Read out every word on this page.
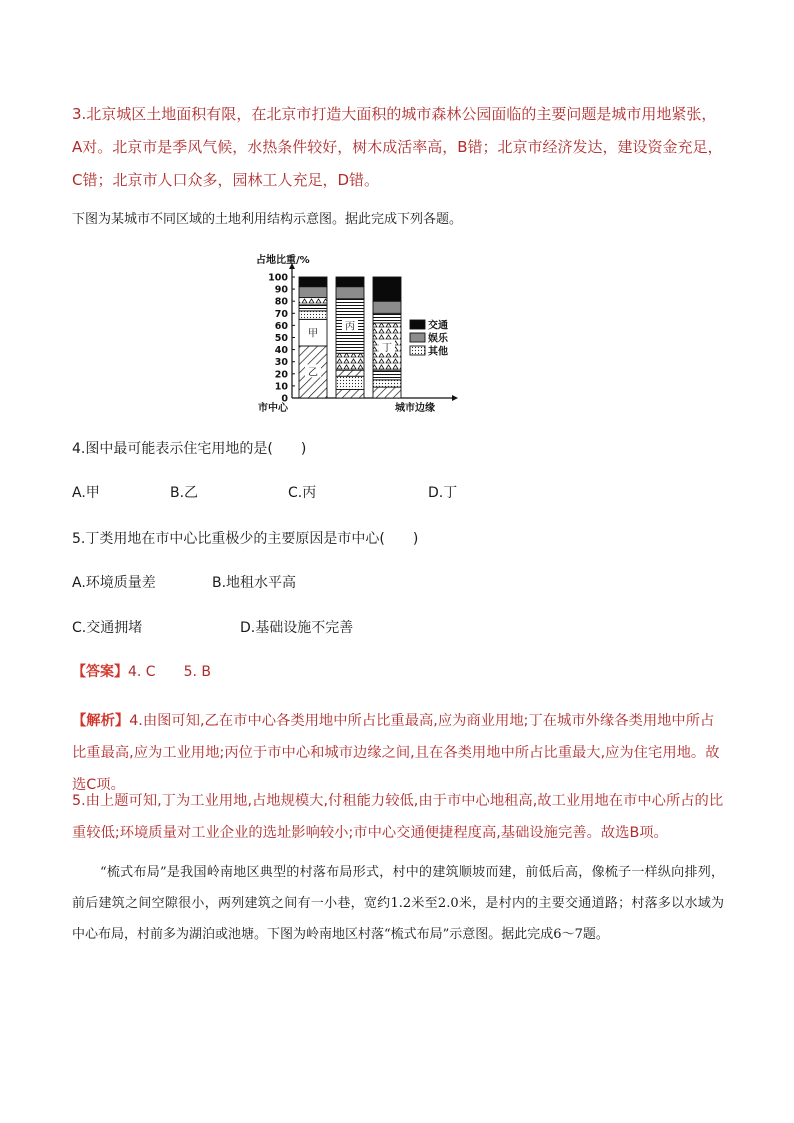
3.北京城区土地面积有限，在北京市打造大面积的城市森林公园面临的主要问题是城市用地紧张，A对。北京市是季风气候，水热条件较好，树木成活率高，B错；北京市经济发达，建设资金充足，C错；北京市人口众多，园林工人充足，D错。

下图为某城市不同区域的土地利用结构示意图。据此完成下列各题。

占地比重/%
0
10
20
30
40
50
60
70
80
90
100
市中心	城市边缘
甲
乙
丙
丁
交通
娱乐
其他
4.图中最可能表示住宅用地的是(　　)
A.甲	B.乙	C.丙	D.丁
5.丁类用地在市中心比重极少的主要原因是市中心(　　)
A.环境质量差	B.地租水平高
C.交通拥堵	D.基础设施不完善
【答案】4. C　　5. B

【解析】4.由图可知,乙在市中心各类用地中所占比重最高,应为商业用地;丁在城市外缘各类用地中所占比重最高,应为工业用地;丙位于市中心和城市边缘之间,且在各类用地中所占比重最大,应为住宅用地。故选C项。

5.由上题可知,丁为工业用地,占地规模大,付租能力较低,由于市中心地租高,故工业用地在市中心所占的比重较低;环境质量对工业企业的选址影响较小;市中心交通便捷程度高,基础设施完善。故选B项。

“梳式布局”是我国岭南地区典型的村落布局形式，村中的建筑顺坡而建，前低后高，像梳子一样纵向排列，前后建筑之间空隙很小，两列建筑之间有一小巷，宽约1.2米至2.0米，是村内的主要交通道路；村落多以水域为中心布局，村前多为湖泊或池塘。下图为岭南地区村落“梳式布局”示意图。据此完成6～7题。
